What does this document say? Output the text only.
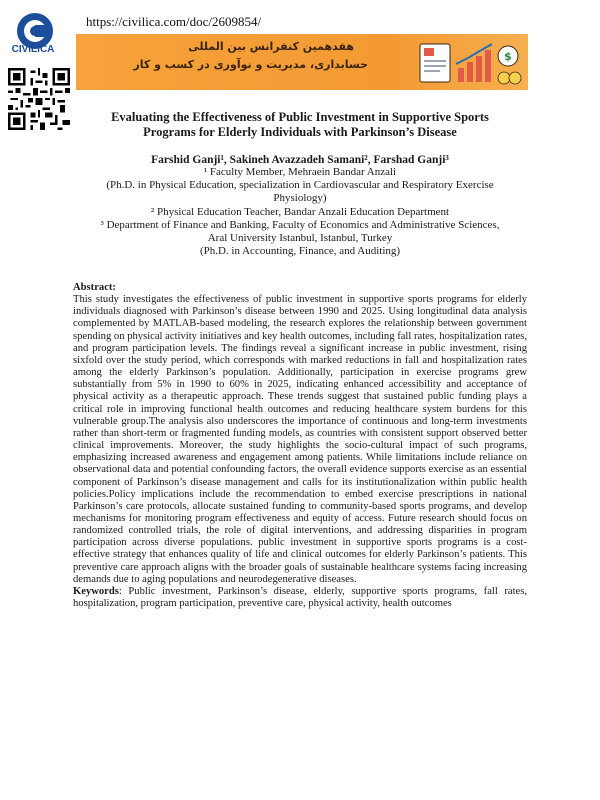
CIVILICA
https://civilica.com/doc/2609854/
هفدهمین کنفرانس بین المللی
حسابداری، مدیریت و نوآوری در کسب و کار
$
Evaluating the Effectiveness of Public Investment in Supportive Sports
Programs for Elderly Individuals with Parkinson’s Disease
Farshid Ganji¹, Sakineh Avazzadeh Samani², Farshad Ganji³
¹ Faculty Member, Mehraein Bandar Anzali
(Ph.D. in Physical Education, specialization in Cardiovascular and Respiratory Exercise
Physiology)
² Physical Education Teacher, Bandar Anzali Education Department
³ Department of Finance and Banking, Faculty of Economics and Administrative Sciences,
Aral University Istanbul, Istanbul, Turkey
(Ph.D. in Accounting, Finance, and Auditing)
Abstract:
This study investigates the effectiveness of public investment in supportive sports programs for elderly individuals diagnosed with Parkinson’s disease between 1990 and 2025. Using longitudinal data analysis complemented by MATLAB-based modeling, the research explores the relationship between government spending on physical activity initiatives and key health outcomes, including fall rates, hospitalization rates, and program participation levels. The findings reveal a significant increase in public investment, rising sixfold over the study period, which corresponds with marked reductions in fall and hospitalization rates among the elderly Parkinson’s population. Additionally, participation in exercise programs grew substantially from 5% in 1990 to 60% in 2025, indicating enhanced accessibility and acceptance of physical activity as a therapeutic approach. These trends suggest that sustained public funding plays a critical role in improving functional health outcomes and reducing healthcare system burdens for this vulnerable group.The analysis also underscores the importance of continuous and long-term investments rather than short-term or fragmented funding models, as countries with consistent support observed better clinical improvements. Moreover, the study highlights the socio-cultural impact of such programs, emphasizing increased awareness and engagement among patients. While limitations include reliance on observational data and potential confounding factors, the overall evidence supports exercise as an essential component of Parkinson’s disease management and calls for its institutionalization within public health policies.Policy implications include the recommendation to embed exercise prescriptions in national Parkinson’s care protocols, allocate sustained funding to community-based sports programs, and develop mechanisms for monitoring program effectiveness and equity of access. Future research should focus on randomized controlled trials, the role of digital interventions, and addressing disparities in program participation across diverse populations. public investment in supportive sports programs is a cost-effective strategy that enhances quality of life and clinical outcomes for elderly Parkinson’s patients. This preventive care approach aligns with the broader goals of sustainable healthcare systems facing increasing demands due to aging populations and neurodegenerative diseases.
Keywords: Public investment, Parkinson’s disease, elderly, supportive sports programs, fall rates, hospitalization, program participation, preventive care, physical activity, health outcomes
